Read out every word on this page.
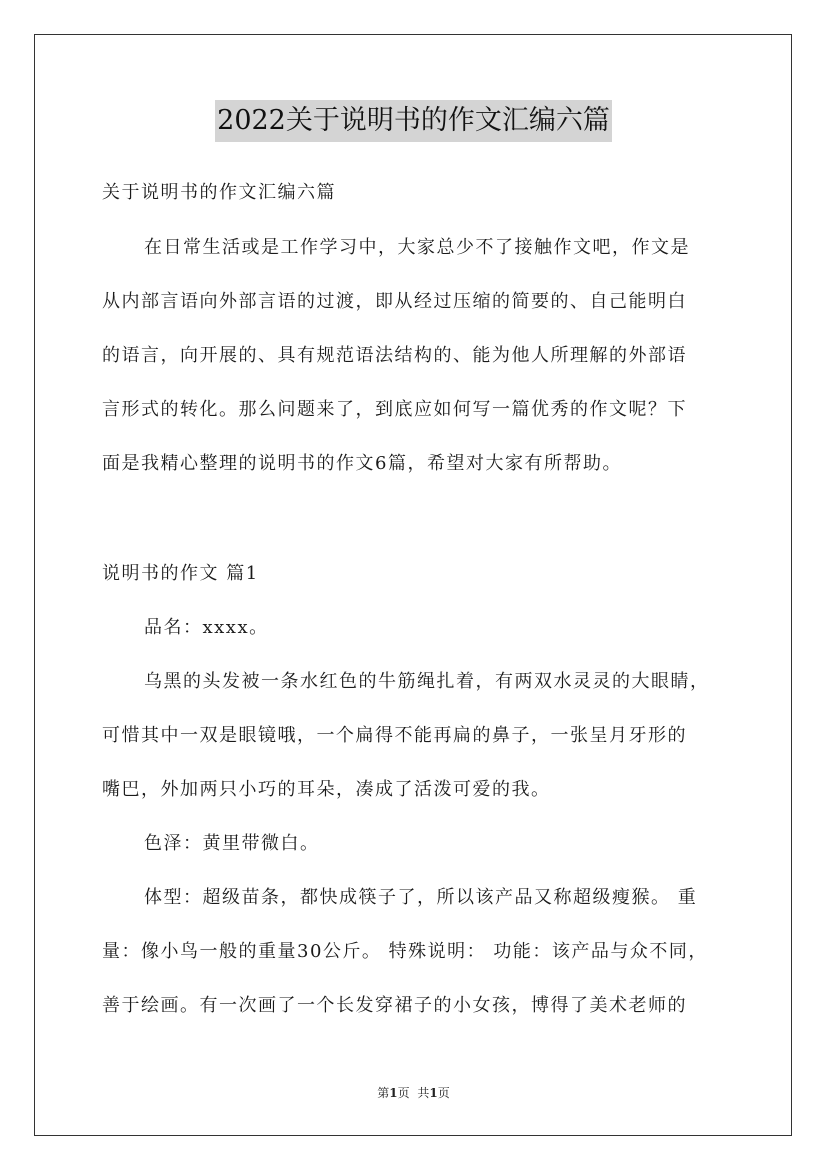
2022关于说明书的作文汇编六篇
关于说明书的作文汇编六篇
在日常生活或是工作学习中，大家总少不了接触作文吧，作文是
从内部言语向外部言语的过渡，即从经过压缩的简要的、自己能明白
的语言，向开展的、具有规范语法结构的、能为他人所理解的外部语
言形式的转化。那么问题来了，到底应如何写一篇优秀的作文呢？下
面是我精心整理的说明书的作文6篇，希望对大家有所帮助。
说明书的作文 篇1
品名：xxxx。
乌黑的头发被一条水红色的牛筋绳扎着，有两双水灵灵的大眼睛，
可惜其中一双是眼镜哦，一个扁得不能再扁的鼻子，一张呈月牙形的
嘴巴，外加两只小巧的耳朵，凑成了活泼可爱的我。
色泽：黄里带微白。
体型：超级苗条，都快成筷子了，所以该产品又称超级瘦猴。 重
量：像小鸟一般的重量30公斤。 特殊说明： 功能：该产品与众不同，
善于绘画。有一次画了一个长发穿裙子的小女孩，博得了美术老师的
第1页 共1页
